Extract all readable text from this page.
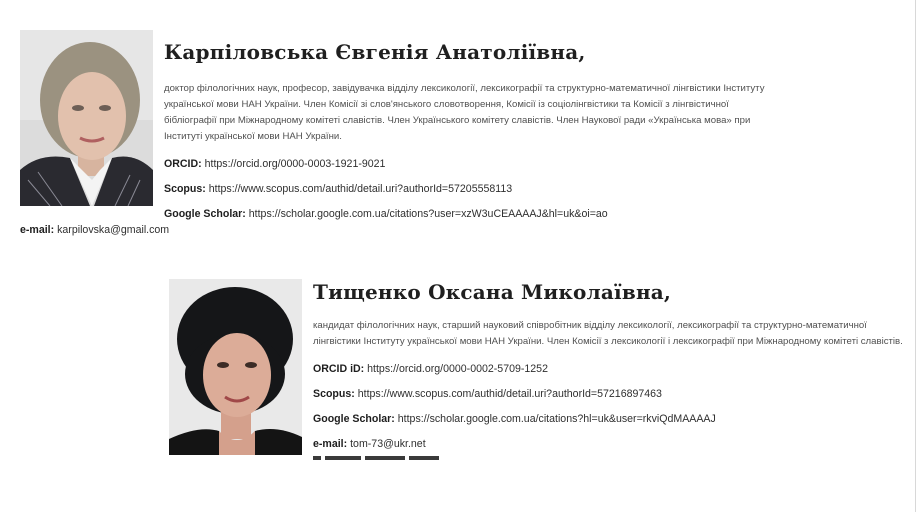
Карпіловська Євгенія Анатоліївна,

доктор філологічних наук, професор, завідувачка відділу лексикології, лексикографії та структурно-математичної лінгвістики Інституту української мови НАН України. Член Комісії зі слов'янського словотворення, Комісії із соціолінгвістики та Комісії з лінгвістичної бібліографії при Міжнародному комітеті славістів. Член Українського комітету славістів. Член Наукової ради «Українська мова» при Інституті української мови НАН України.

ORCID: https://orcid.org/0000-0003-1921-9021
Scopus: https://www.scopus.com/authid/detail.uri?authorId=57205558113
Google Scholar: https://scholar.google.com.ua/citations?user=xzW3uCEAAAAJ&hl=uk&oi=ao
e-mail: karpilovska@gmail.com
Тищенко Оксана Миколаївна,

кандидат філологічних наук, старший науковий співробітник відділу лексикології, лексикографії та структурно-математичної лінгвістики Інституту української мови НАН України. Член Комісії з лексикології і лексикографії при Міжнародному комітеті славістів.

ORCID iD: https://orcid.org/0000-0002-5709-1252
Scopus: https://www.scopus.com/authid/detail.uri?authorId=57216897463
Google Scholar: https://scholar.google.com.ua/citations?hl=uk&user=rkviQdMAAAAJ
e-mail: tom-73@ukr.net
